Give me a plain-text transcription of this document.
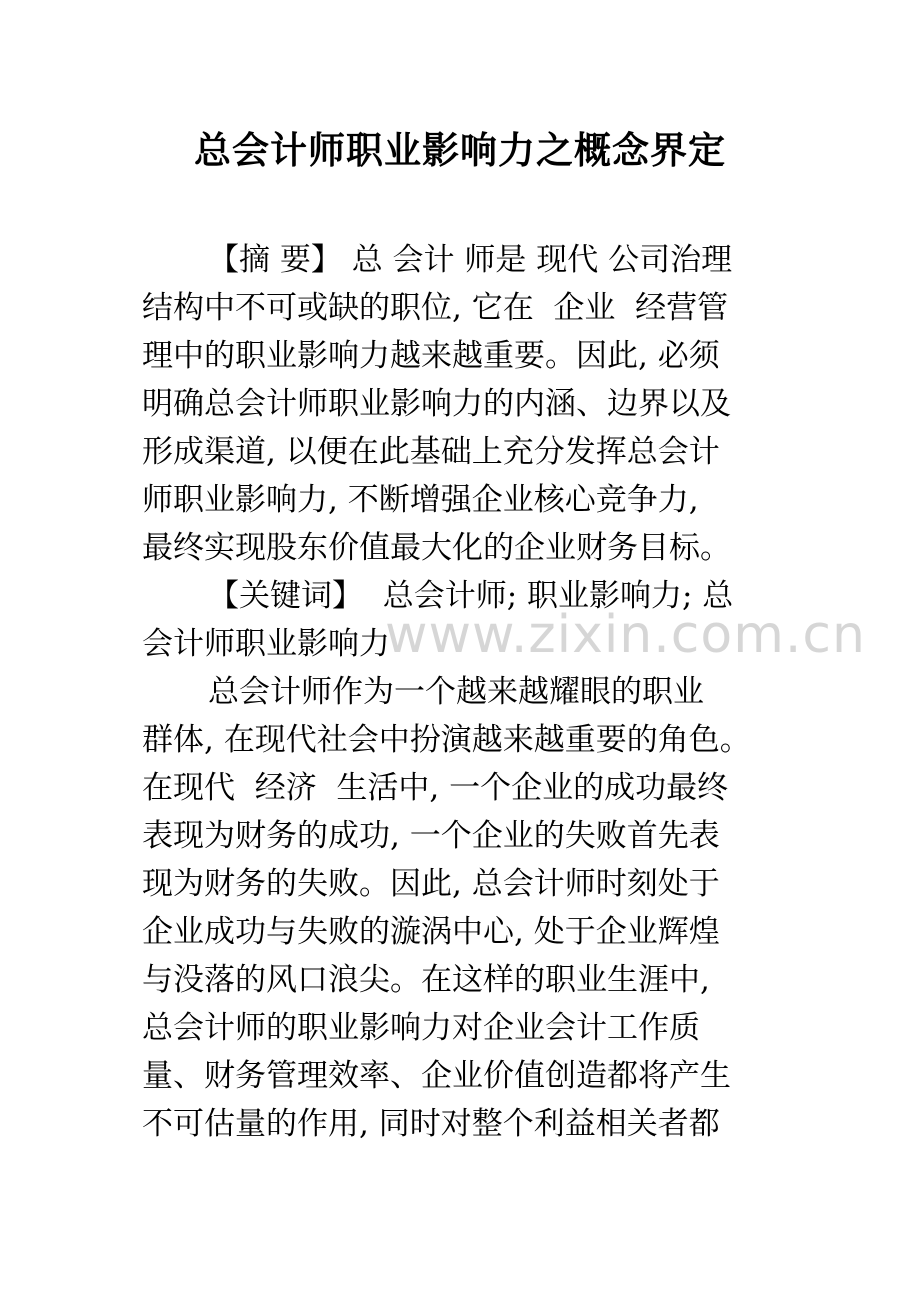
总会计师职业影响力之概念界定
www.zixin.com.cn
【摘 要】 总 会计 师是 现代 公司治理
结构中不可或缺的职位, 它在  企业  经营管
理中的职业影响力越来越重要。因此, 必须
明确总会计师职业影响力的内涵、边界以及
形成渠道, 以便在此基础上充分发挥总会计
师职业影响力, 不断增强企业核心竞争力,
最终实现股东价值最大化的企业财务目标。
【关键词】  总会计师; 职业影响力; 总
会计师职业影响力
总会计师作为一个越来越耀眼的职业
群体, 在现代社会中扮演越来越重要的角色。
在现代  经济  生活中, 一个企业的成功最终
表现为财务的成功, 一个企业的失败首先表
现为财务的失败。因此, 总会计师时刻处于
企业成功与失败的漩涡中心, 处于企业辉煌
与没落的风口浪尖。在这样的职业生涯中,
总会计师的职业影响力对企业会计工作质
量、财务管理效率、企业价值创造都将产生
不可估量的作用, 同时对整个利益相关者都
